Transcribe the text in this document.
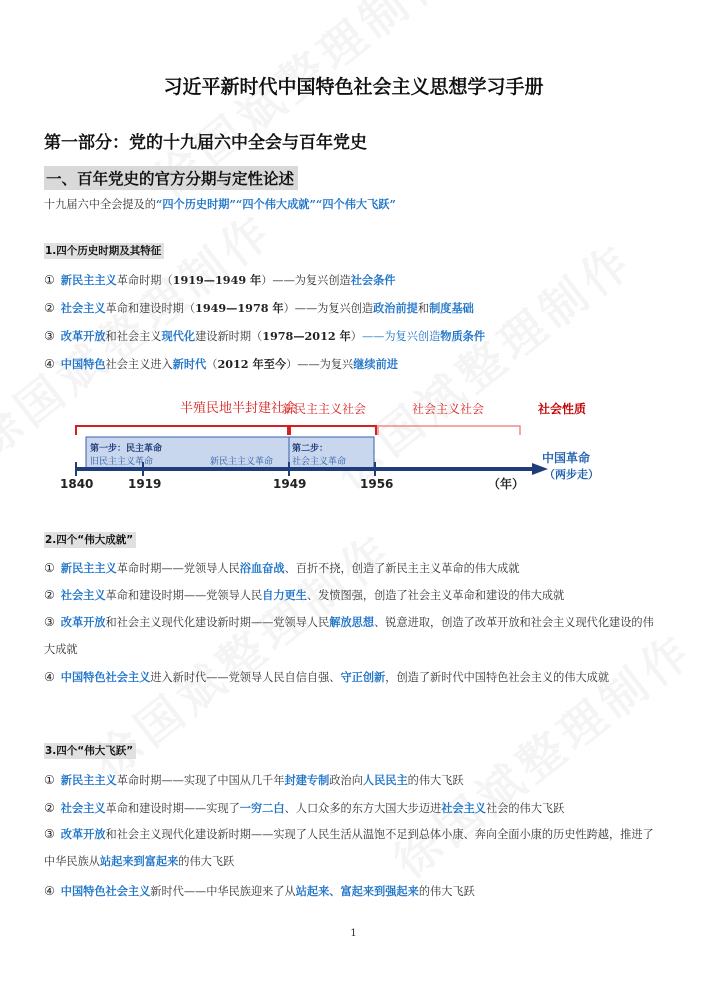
习近平新时代中国特色社会主义思想学习手册
第一部分：党的十九届六中全会与百年党史
一、百年党史的官方分期与定性论述
十九届六中全会提及的“四个历史时期”“四个伟大成就”“四个伟大飞跃”
1.四个历史时期及其特征
① 新民主主义革命时期（1919—1949 年）——为复兴创造社会条件
② 社会主义革命和建设时期（1949—1978 年）——为复兴创造政治前提和制度基础
③ 改革开放和社会主义现代化建设新时期（1978—2012 年）——为复兴创造物质条件
④ 中国特色社会主义进入新时代（2012 年至今）——为复兴继续前进
半殖民地半封建社会
新民主主义社会	社会主义社会	社会性质
第一步：民主革命
旧民主主义革命	新民主主义革命
第二步：
社会主义革命	中国革命
（两步走）
1840	1919	1949	1956	（年）
2.四个“伟大成就”
① 新民主主义革命时期——党领导人民浴血奋战、百折不挠，创造了新民主主义革命的伟大成就
② 社会主义革命和建设时期——党领导人民自力更生、发愤图强，创造了社会主义革命和建设的伟大成就
③ 改革开放和社会主义现代化建设新时期——党领导人民解放思想、锐意进取，创造了改革开放和社会主义现代化建设的伟大成就
④ 中国特色社会主义进入新时代——党领导人民自信自强、守正创新，创造了新时代中国特色社会主义的伟大成就
3.四个“伟大飞跃”
① 新民主主义革命时期——实现了中国从几千年封建专制政治向人民民主的伟大飞跃
② 社会主义革命和建设时期——实现了一穷二白、人口众多的东方大国大步迈进社会主义社会的伟大飞跃
③ 改革开放和社会主义现代化建设新时期——实现了人民生活从温饱不足到总体小康、奔向全面小康的历史性跨越，推进了中华民族从站起来到富起来的伟大飞跃
④ 中国特色社会主义新时代——中华民族迎来了从站起来、富起来到强起来的伟大飞跃
1
